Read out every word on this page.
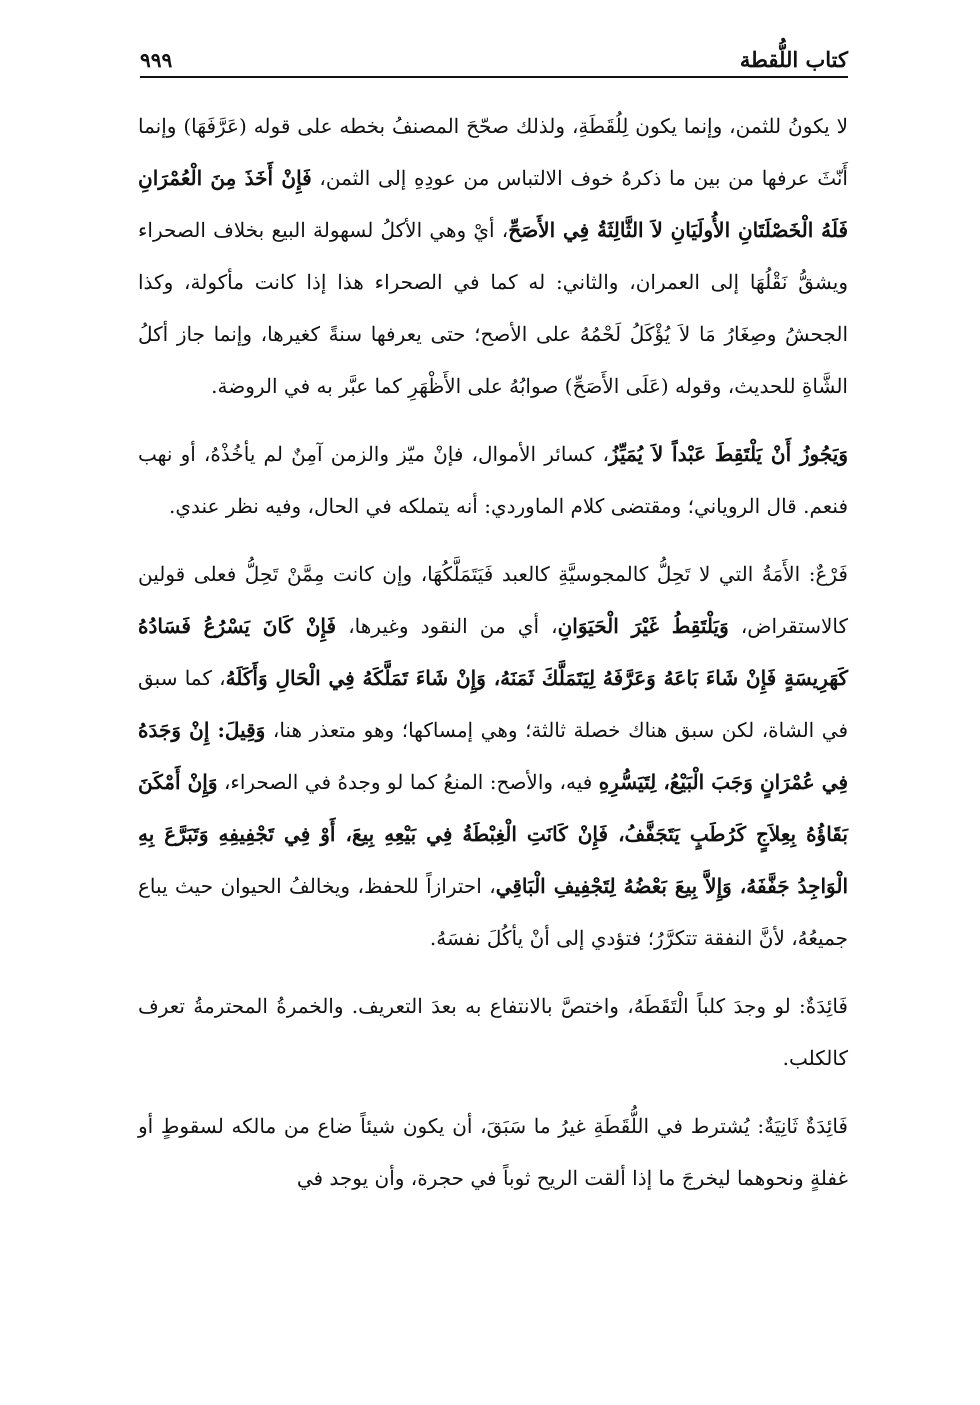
٩٩٩	كتاب اللُّقطة

لا يكونُ للثمن، وإنما يكون لِلُقَطَةِ، ولذلك صحّحَ المصنفُ بخطه على قوله (عَرَّفَهَا) وإنما أَنّثَ عرفها من بين ما ذكرهُ خوف الالتباس من عودِهِ إلى الثمن، فَإِنْ أَخَذَ مِنَ الْعُمْرَانِ فَلَهُ الْخَصْلَتَانِ الأُولَيَانِ لاَ الثَّالِثَةُ فِي الأَصَحِّ، أيْ وهي الأكلُ لسهولة البيع بخلاف الصحراء ويشقُّ نَقْلُهَا إلى العمران، والثاني: له كما في الصحراء هذا إذا كانت مأكولة، وكذا الجحشُ وصِغَارُ مَا لاَ يُؤْكَلُ لَحْمُهُ على الأصح؛ حتى يعرفها سنةً كغيرها، وإنما جاز أكلُ الشَّاةِ للحديث، وقوله (عَلَى الأَصَحِّ) صوابُهُ على الأَظْهَرِ كما عبَّر به في الروضة.

وَيَجُوزُ أَنْ يَلْتَقِطَ عَبْداً لاَ يُمَيِّزُ، كسائر الأموال، فإنْ ميّز والزمن آمِنٌ لم يأخُذْهُ، أو نهب فنعم. قال الروياني؛ ومقتضى كلام الماوردي: أنه يتملكه في الحال، وفيه نظر عندي.

فَرْعٌ: الأَمَةُ التي لا تَحِلُّ كالمجوسيَّةِ كالعبد فَيَتَمَلَّكُهَا، وإن كانت مِمَّنْ تَحِلُّ فعلى قولين كالاستقراض، وَيَلْتَقِطُ غَيْرَ الْحَيَوَانِ، أي من النقود وغيرها، فَإِنْ كَانَ يَسْرُعُ فَسَادُهُ كَهَرِيسَةٍ فَإِنْ شَاءَ بَاعَهُ وَعَرَّفَهُ لِيَتَمَلَّكَ ثَمَنَهُ، وَإِنْ شَاءَ تَمَلَّكَهُ فِي الْحَالِ وَأَكَلَهُ، كما سبق في الشاة، لكن سبق هناك خصلة ثالثة؛ وهي إمساكها؛ وهو متعذر هنا، وَقِيلَ: إِنْ وَجَدَهُ فِي عُمْرَانٍ وَجَبَ الْبَيْعُ، لِتَيَسُّرِهِ فيه، والأصح: المنعُ كما لو وجدهُ في الصحراء، وَإِنْ أَمْكَنَ بَقَاؤُهُ بِعِلاَجٍ كَرُطَبٍ يَتَجَفَّفُ، فَإِنْ كَانَتِ الْغِبْطَةُ فِي بَيْعِهِ بِيعَ، أَوْ فِي تَجْفِيفِهِ وَتَبَرَّعَ بِهِ الْوَاجِدُ جَفَّفَهُ، وَإِلاَّ بِيعَ بَعْضُهُ لِتَجْفِيفِ الْبَاقِي، احترازاً للحفظ، ويخالفُ الحيوان حيث يباع جميعُهُ، لأنَّ النفقة تتكرَّرُ؛ فتؤدي إلى أنْ يأكُلَ نفسَهُ.

فَائِدَةٌ: لو وجدَ كلباً الْتَقَطَهُ، واختصَّ بالانتفاع به بعدَ التعريف. والخمرةُ المحترمةُ تعرف كالكلب.

فَائِدَةٌ ثَانِيَةٌ: يُشترط في اللُّقَطَةِ غيرُ ما سَبَقَ، أن يكون شيئاً ضاع من مالكه لسقوطٍ أو غفلةٍ ونحوهما ليخرجَ ما إذا ألقت الريح ثوباً في حجرة، وأن يوجد في
